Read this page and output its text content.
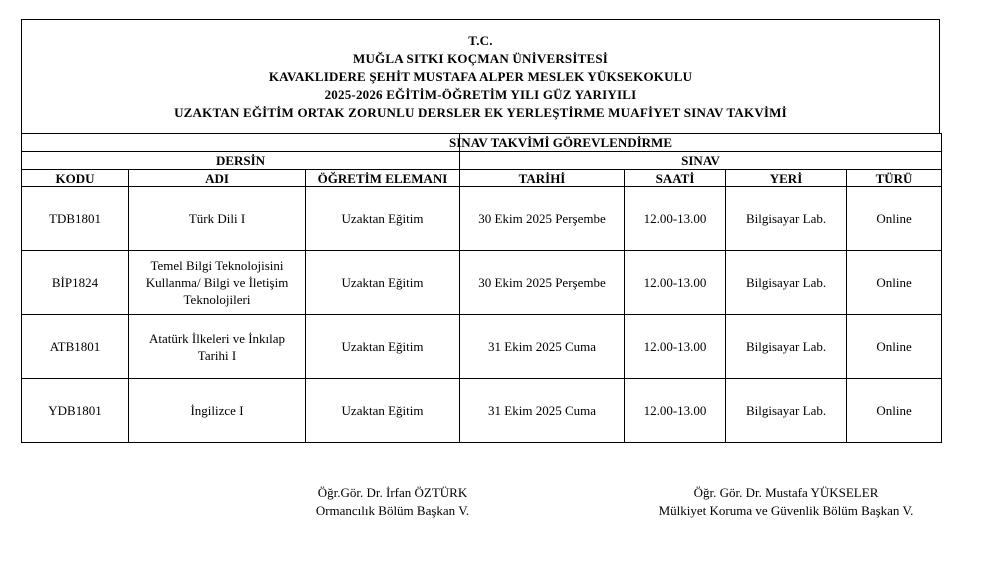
T.C.
MUĞLA SITKI KOÇMAN ÜNİVERSİTESİ
KAVAKLIDERE ŞEHİT MUSTAFA ALPER MESLEK YÜKSEKOKULU
2025-2026 EĞİTİM-ÖĞRETİM YILI GÜZ YARIYILI
UZAKTAN EĞİTİM ORTAK ZORUNLU DERSLER EK YERLEŞTİRME MUAFİYET SINAV TAKVİMİ
			SINAV TAKVİMİ GÖREVLENDİRME			
DERSİN			SINAV			
KODU	ADI	ÖĞRETİM ELEMANI	TARİHİ	SAATİ	YERİ	TÜRÜ
TDB1801	Türk Dili I	Uzaktan Eğitim	30 Ekim 2025 Perşembe	12.00-13.00	Bilgisayar Lab.	Online
BİP1824	Temel Bilgi Teknolojisini Kullanma/ Bilgi ve İletişim Teknolojileri	Uzaktan Eğitim	30 Ekim 2025 Perşembe	12.00-13.00	Bilgisayar Lab.	Online
ATB1801	Atatürk İlkeleri ve İnkılap Tarihi I	Uzaktan Eğitim	31 Ekim 2025 Cuma	12.00-13.00	Bilgisayar Lab.	Online
YDB1801	İngilizce I	Uzaktan Eğitim	31 Ekim 2025 Cuma	12.00-13.00	Bilgisayar Lab.	Online
Öğr.Gör. Dr. İrfan ÖZTÜRK
Ormancılık Bölüm Başkan V.
Öğr. Gör. Dr. Mustafa YÜKSELER
Mülkiyet Koruma ve Güvenlik Bölüm Başkan V.
